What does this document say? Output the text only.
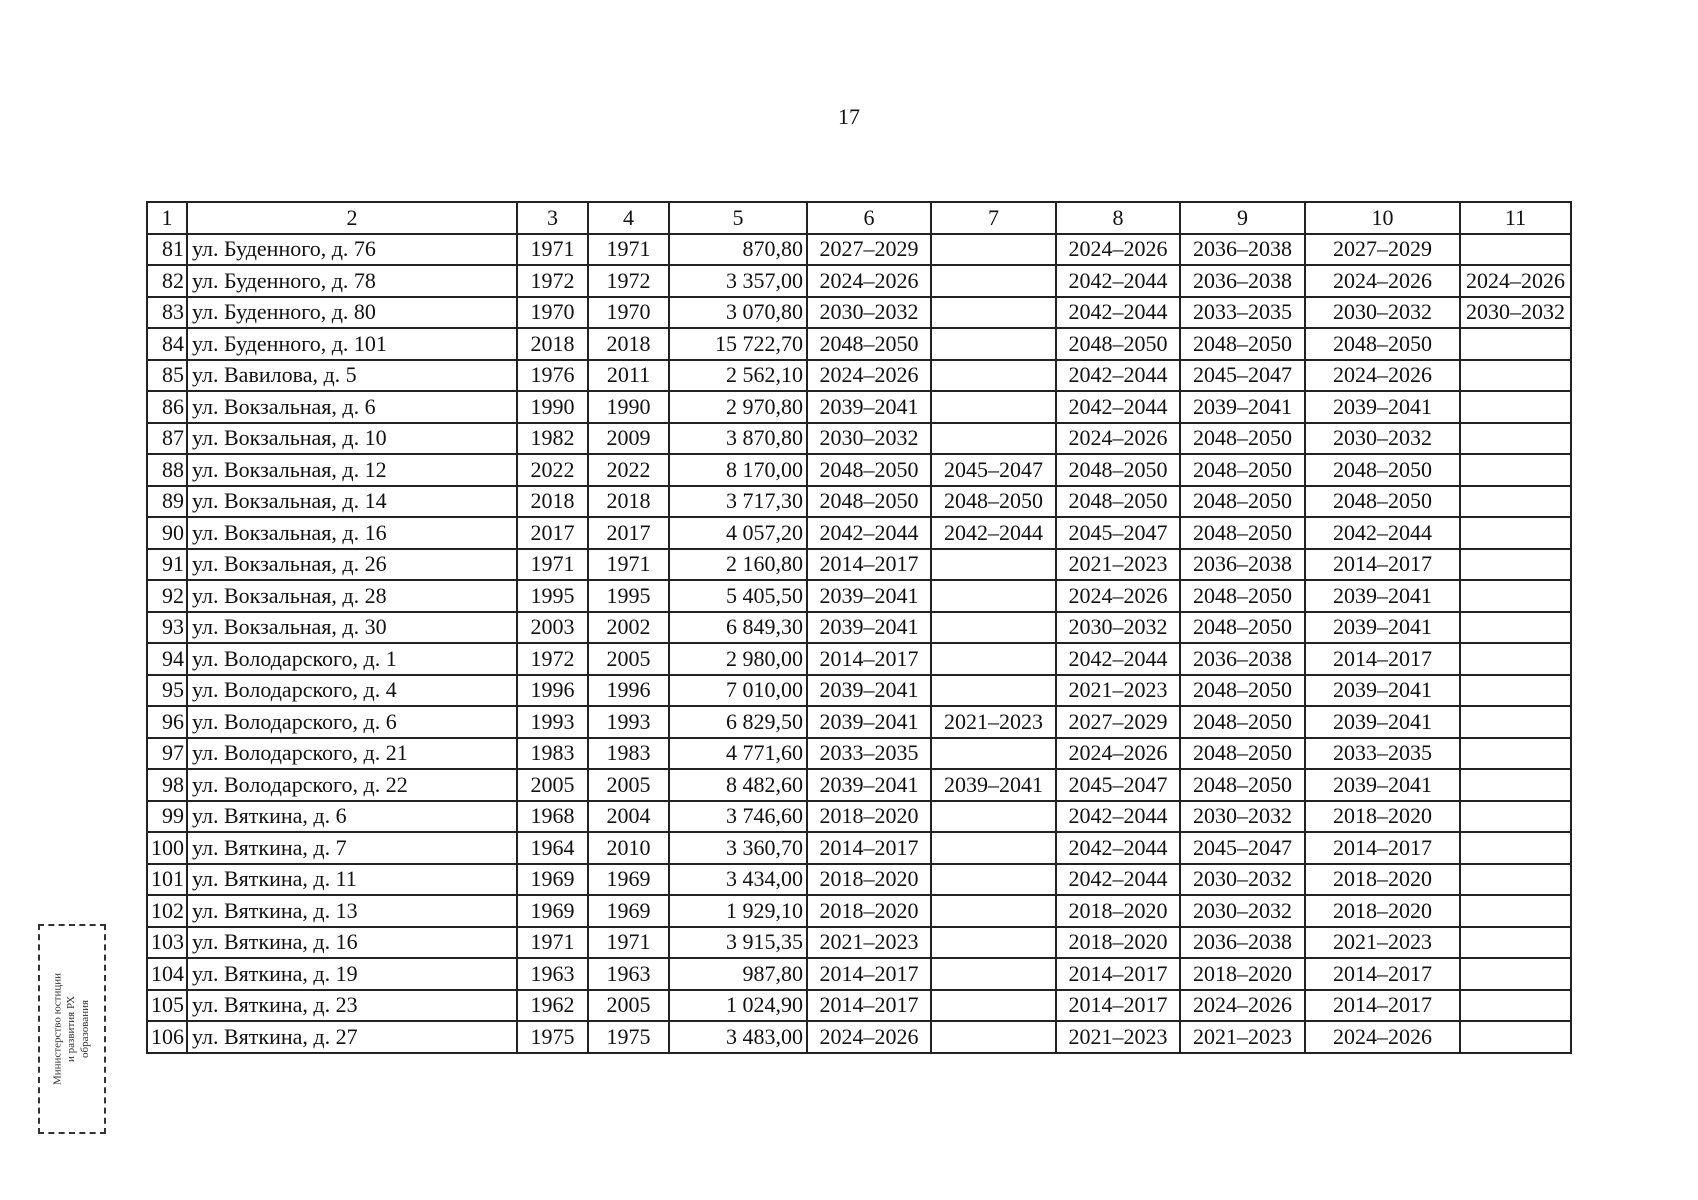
17
1	2	3	4	5	6	7	8	9	10	11
81	ул. Буденного, д. 76	1971	1971	870,80	2027–2029		2024–2026	2036–2038	2027–2029	
82	ул. Буденного, д. 78	1972	1972	3 357,00	2024–2026		2042–2044	2036–2038	2024–2026	2024–2026
83	ул. Буденного, д. 80	1970	1970	3 070,80	2030–2032		2042–2044	2033–2035	2030–2032	2030–2032
84	ул. Буденного, д. 101	2018	2018	15 722,70	2048–2050		2048–2050	2048–2050	2048–2050	
85	ул. Вавилова, д. 5	1976	2011	2 562,10	2024–2026		2042–2044	2045–2047	2024–2026	
86	ул. Вокзальная, д. 6	1990	1990	2 970,80	2039–2041		2042–2044	2039–2041	2039–2041	
87	ул. Вокзальная, д. 10	1982	2009	3 870,80	2030–2032		2024–2026	2048–2050	2030–2032	
88	ул. Вокзальная, д. 12	2022	2022	8 170,00	2048–2050	2045–2047	2048–2050	2048–2050	2048–2050	
89	ул. Вокзальная, д. 14	2018	2018	3 717,30	2048–2050	2048–2050	2048–2050	2048–2050	2048–2050	
90	ул. Вокзальная, д. 16	2017	2017	4 057,20	2042–2044	2042–2044	2045–2047	2048–2050	2042–2044	
91	ул. Вокзальная, д. 26	1971	1971	2 160,80	2014–2017		2021–2023	2036–2038	2014–2017	
92	ул. Вокзальная, д. 28	1995	1995	5 405,50	2039–2041		2024–2026	2048–2050	2039–2041	
93	ул. Вокзальная, д. 30	2003	2002	6 849,30	2039–2041		2030–2032	2048–2050	2039–2041	
94	ул. Володарского, д. 1	1972	2005	2 980,00	2014–2017		2042–2044	2036–2038	2014–2017	
95	ул. Володарского, д. 4	1996	1996	7 010,00	2039–2041		2021–2023	2048–2050	2039–2041	
96	ул. Володарского, д. 6	1993	1993	6 829,50	2039–2041	2021–2023	2027–2029	2048–2050	2039–2041	
97	ул. Володарского, д. 21	1983	1983	4 771,60	2033–2035		2024–2026	2048–2050	2033–2035	
98	ул. Володарского, д. 22	2005	2005	8 482,60	2039–2041	2039–2041	2045–2047	2048–2050	2039–2041	
99	ул. Вяткина, д. 6	1968	2004	3 746,60	2018–2020		2042–2044	2030–2032	2018–2020	
100	ул. Вяткина, д. 7	1964	2010	3 360,70	2014–2017		2042–2044	2045–2047	2014–2017	
101	ул. Вяткина, д. 11	1969	1969	3 434,00	2018–2020		2042–2044	2030–2032	2018–2020	
102	ул. Вяткина, д. 13	1969	1969	1 929,10	2018–2020		2018–2020	2030–2032	2018–2020	
103	ул. Вяткина, д. 16	1971	1971	3 915,35	2021–2023		2018–2020	2036–2038	2021–2023	
104	ул. Вяткина, д. 19	1963	1963	987,80	2014–2017		2014–2017	2018–2020	2014–2017	
105	ул. Вяткина, д. 23	1962	2005	1 024,90	2014–2017		2014–2017	2024–2026	2014–2017	
106	ул. Вяткина, д. 27	1975	1975	3 483,00	2024–2026		2021–2023	2021–2023	2024–2026	
Министерство юстиции и развития РХ образования
